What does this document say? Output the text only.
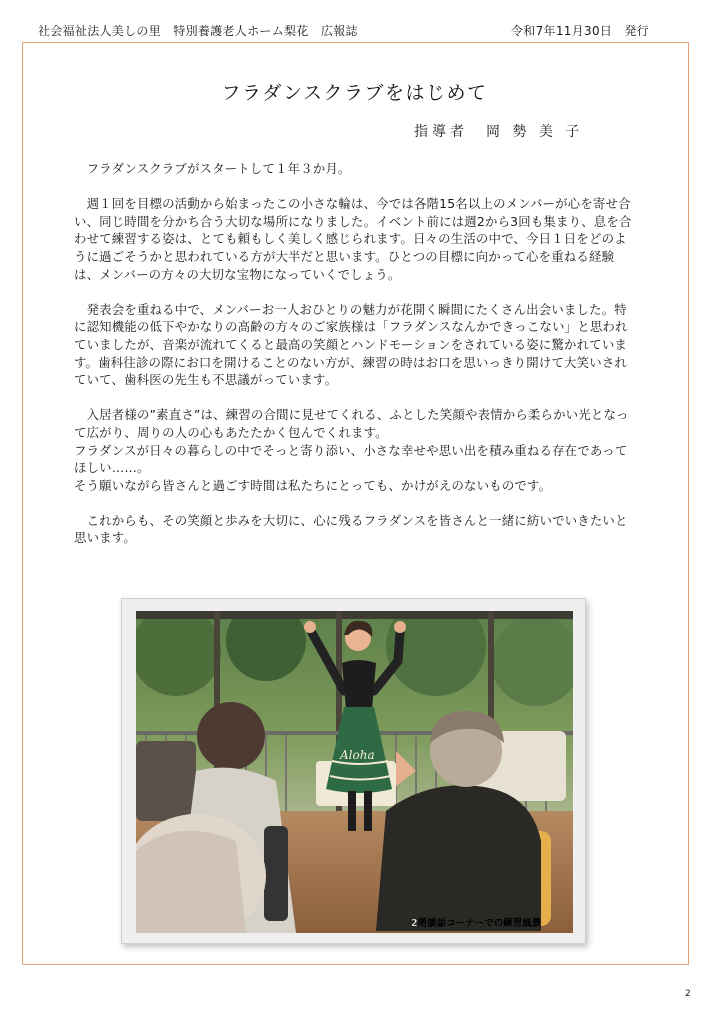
社会福祉法人美しの里　特別養護老人ホーム梨花　広報誌	令和7年11月30日　発行
フラダンスクラブをはじめて
指導者　岡 勢 美 子

　フラダンスクラブがスタートして１年３か月。

　週１回を目標の活動から始まったこの小さな輪は、今では各階15名以上のメンバーが心を寄せ合い、同じ時間を分かち合う大切な場所になりました。イベント前には週2から3回も集まり、息を合わせて練習する姿は、とても頼もしく美しく感じられます。日々の生活の中で、今日１日をどのように過ごそうかと思われている方が大半だと思います。ひとつの目標に向かって心を重ねる経験は、メンバーの方々の大切な宝物になっていくでしょう。

　発表会を重ねる中で、メンバーお一人おひとりの魅力が花開く瞬間にたくさん出会いました。特に認知機能の低下やかなりの高齢の方々のご家族様は「フラダンスなんかできっこない」と思われていましたが、音楽が流れてくると最高の笑顔とハンドモーションをされている姿に驚かれています。歯科往診の際にお口を開けることのない方が、練習の時はお口を思いっきり開けて大笑いされていて、歯科医の先生も不思議がっています。

　入居者様の”素直さ”は、練習の合間に見せてくれる、ふとした笑顔や表情から柔らかい光となって広がり、周りの人の心もあたたかく包んでくれます。

フラダンスが日々の暮らしの中でそっと寄り添い、小さな幸せや思い出を積み重ねる存在であってほしい……。

そう願いながら皆さんと過ごす時間は私たちにとっても、かけがえのないものです。

　これからも、その笑顔と歩みを大切に、心に残るフラダンスを皆さんと一緒に紡いでいきたいと思います。

Aloha
2階談話コーナーでの練習風景
2
